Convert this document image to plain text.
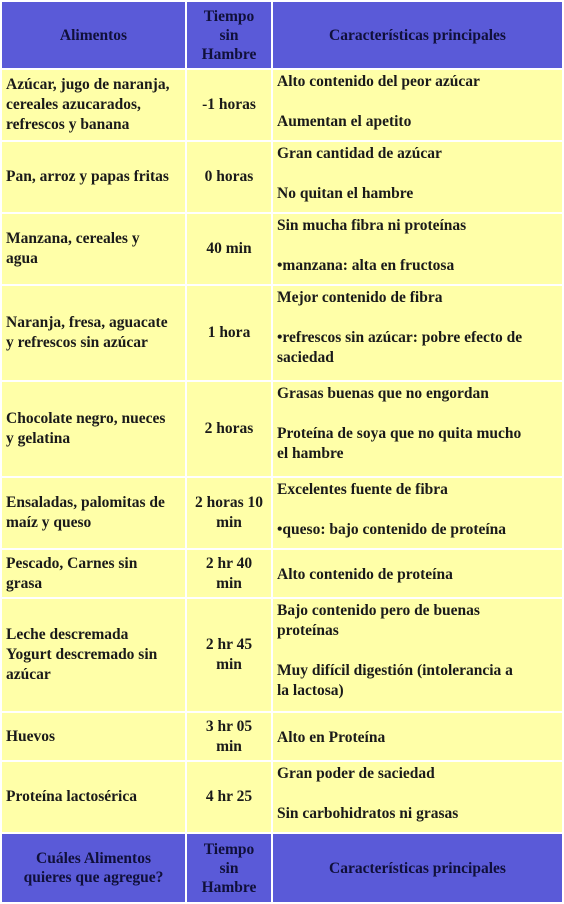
Alimentos	Tiempo
sin
Hambre	Características principales

Azúcar, jugo de naranja,
cereales azucarados,
refrescos y banana	-1 horas	Alto contenido del peor azúcar
Aumentan el apetito

Pan, arroz y papas fritas	0 horas	Gran cantidad de azúcar
No quitan el hambre

Manzana, cereales y
agua	40 min	Sin mucha fibra ni proteínas
•manzana: alta en fructosa

Naranja, fresa, aguacate
y refrescos sin azúcar	1 hora	Mejor contenido de fibra
•refrescos sin azúcar: pobre efecto de
saciedad

Chocolate negro, nueces
y gelatina	2 horas	Grasas buenas que no engordan
Proteína de soya que no quita mucho
el hambre

Ensaladas, palomitas de
maíz y queso	2 horas 10
min	Excelentes fuente de fibra
•queso: bajo contenido de proteína

Pescado, Carnes sin
grasa	2 hr 40
min	Alto contenido de proteína

Leche descremada
Yogurt descremado sin
azúcar	2 hr 45
min	Bajo contenido pero de buenas
proteínas
Muy difícil digestión (intolerancia a
la lactosa)

Huevos	3 hr 05
min	Alto en Proteína

Proteína lactosérica	4 hr 25	Gran poder de saciedad
Sin carbohidratos ni grasas

Cuáles Alimentos
quieres que agregue?	Tiempo
sin
Hambre	Características principales
